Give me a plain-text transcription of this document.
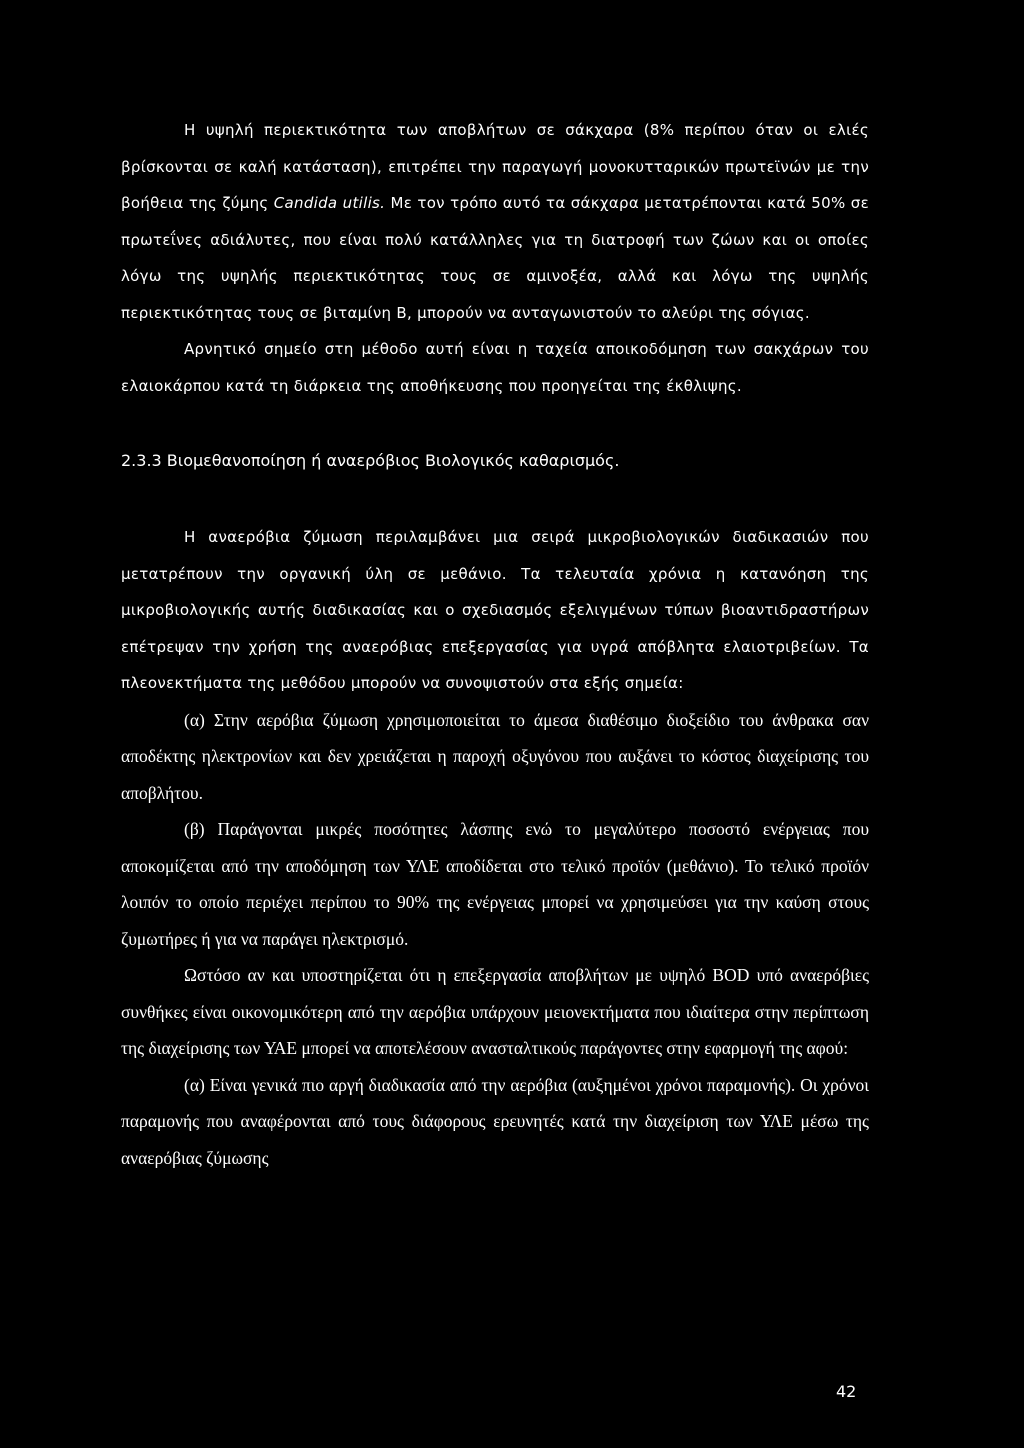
Η υψηλή περιεκτικότητα των αποβλήτων σε σάκχαρα (8% περίπου όταν οι ελιές βρίσκονται σε καλή κατάσταση), επιτρέπει την παραγωγή μονοκυτταρικών πρωτεϊνών με την βοήθεια της ζύμης Candida utilis. Με τον τρόπο αυτό τα σάκχαρα μετατρέπονται κατά 50% σε πρωτεΐνες αδιάλυτες, που είναι πολύ κατάλληλες για τη διατροφή των ζώων και οι οποίες λόγω της υψηλής περιεκτικότητας τους σε αμινοξέα, αλλά και λόγω της υψηλής περιεκτικότητας τους σε βιταμίνη Β, μπορούν να ανταγωνιστούν το αλεύρι της σόγιας.

Αρνητικό σημείο στη μέθοδο αυτή είναι η ταχεία αποικοδόμηση των σακχάρων του ελαιοκάρπου κατά τη διάρκεια της αποθήκευσης που προηγείται της έκθλιψης.

2.3.3 Βιομεθανοποίηση ή αναερόβιος Βιολογικός καθαρισμός.

Η αναερόβια ζύμωση περιλαμβάνει μια σειρά μικροβιολογικών διαδικασιών που μετατρέπουν την οργανική ύλη σε μεθάνιο. Τα τελευταία χρόνια η κατανόηση της μικροβιολογικής αυτής διαδικασίας και ο σχεδιασμός εξελιγμένων τύπων βιοαντιδραστήρων επέτρεψαν την χρήση της αναερόβιας επεξεργασίας για υγρά απόβλητα ελαιοτριβείων. Τα πλεονεκτήματα της μεθόδου μπορούν να συνοψιστούν στα εξής σημεία:

(α) Στην αερόβια ζύμωση χρησιμοποιείται το άμεσα διαθέσιμο διοξείδιο του άνθρακα σαν αποδέκτης ηλεκτρονίων και δεν χρειάζεται η παροχή οξυγόνου που αυξάνει το κόστος διαχείρισης του αποβλήτου.

(β) Παράγονται μικρές ποσότητες λάσπης ενώ το μεγαλύτερο ποσοστό ενέργειας που αποκομίζεται από την αποδόμηση των ΥΛΕ αποδίδεται στο τελικό προϊόν (μεθάνιο). Το τελικό προϊόν λοιπόν το οποίο περιέχει περίπου το 90% της ενέργειας μπορεί να χρησιμεύσει για την καύση στους ζυμωτήρες ή για να παράγει ηλεκτρισμό.

Ωστόσο αν και υποστηρίζεται ότι η επεξεργασία αποβλήτων με υψηλό BOD υπό αναερόβιες συνθήκες είναι οικονομικότερη από την αερόβια υπάρχουν μειονεκτήματα που ιδιαίτερα στην περίπτωση της διαχείρισης των ΥΑΕ μπορεί να αποτελέσουν ανασταλτικούς παράγοντες στην εφαρμογή της αφού:

(α) Είναι γενικά πιο αργή διαδικασία από την αερόβια (αυξημένοι χρόνοι παραμονής). Οι χρόνοι παραμονής που αναφέρονται από τους διάφορους ερευνητές κατά την διαχείριση των ΥΛΕ μέσω της αναερόβιας ζύμωσης

42
